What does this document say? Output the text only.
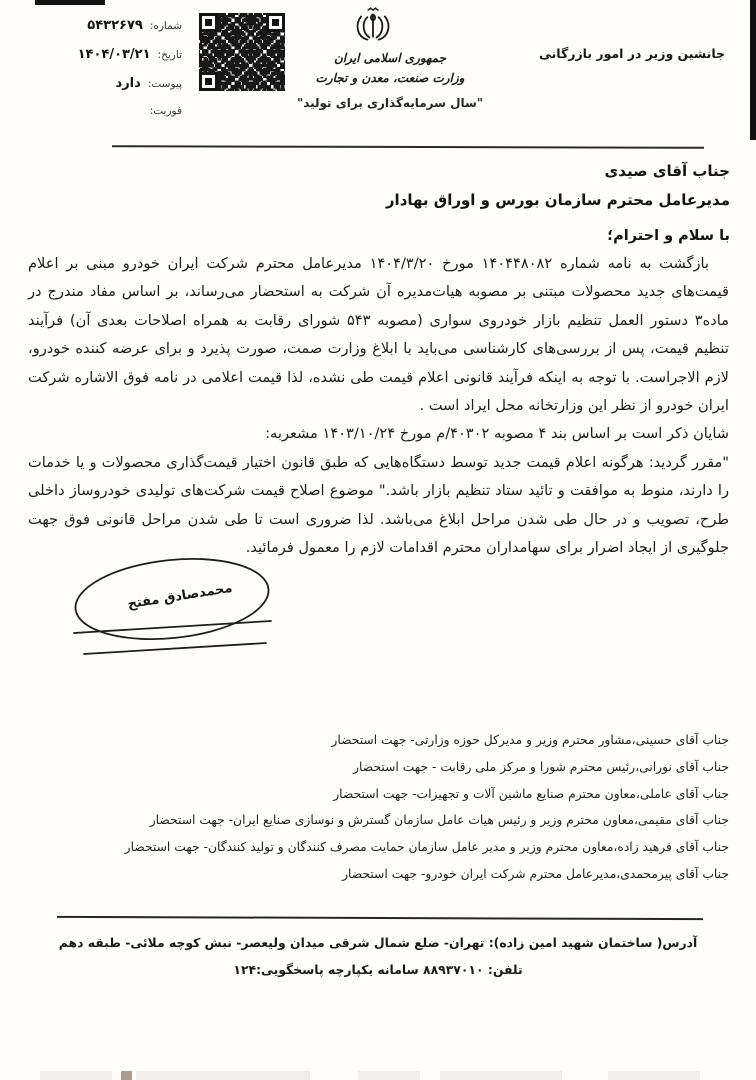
شماره:
۵۴۳۲۶۷۹
تاریخ:
۱۴۰۴/۰۳/۲۱
پیوست:
دارد
فوریت:
جمهوری اسلامی ایران
وزارت صنعت، معدن و تجارت
"سال سرمایه‌گذاری برای تولید"
جانشین وزیر در امور بازرگانی
جناب آقای صیدی
مدیرعامل محترم سازمان بورس و اوراق بهادار
با سلام و احترام؛

بازگشت به نامه شماره ۱۴۰۴۴۸۰۸۲ مورخ ۱۴۰۴/۳/۲۰ مدیرعامل محترم شرکت ایران خودرو مبنی بر اعلام قیمت‌های جدید محصولات مبتنی بر مصوبه هیات‌مدیره آن شرکت به استحضار می‌رساند، بر اساس مفاد مندرج در ماده۳ دستور العمل تنظیم بازار خودروی سواری (مصوبه ۵۴۳ شورای رقابت به همراه اصلاحات بعدی آن) فرآیند تنظیم قیمت، پس از بررسی‌های کارشناسی می‌باید با ابلاغ وزارت صمت، صورت پذیرد و برای عرضه کننده خودرو، لازم الاجراست. با توجه به اینکه فرآیند قانونی اعلام قیمت طی نشده، لذا قیمت اعلامی در نامه فوق الاشاره شرکت ایران خودرو از نظر این وزارتخانه محل ایراد است .

شایان ذکر است بر اساس بند ۴ مصوبه ۴۰۳۰۲/م مورخ ۱۴۰۳/۱۰/۲۴ مشعربه:

"مقرر گردید: هرگونه اعلام قیمت جدید توسط دستگاه‌هایی که طبق قانون اختیار قیمت‌گذاری محصولات و یا خدمات را دارند، منوط به موافقت و تائید ستاد تنظیم بازار باشد." موضوع اصلاح قیمت شرکت‌های تولیدی خودروساز داخلی طرح، تصویب و در حال طی شدن مراحل ابلاغ می‌باشد. لذا ضروری است تا طی شدن مراحل قانونی فوق جهت جلوگیری از ایجاد اضرار برای سهامداران محترم اقدامات لازم را معمول فرمائید.

محمدصادق مفتح
جناب آقای حسینی،مشاور محترم وزیر و مدیرکل حوزه وزارتی- جهت استحضار
جناب آقای نورانی،رئیس محترم شورا و مرکز ملی رقابت - جهت استحضار
جناب آقای عاملی،معاون محترم صنایع ماشین آلات و تجهیزات- جهت استحضار
جناب آقای مقیمی،معاون محترم وزیر و رئیس هیات عامل سازمان گسترش و نوسازی صنایع ایران- جهت استحضار
جناب آقای فرهید زاده،معاون محترم وزیر و مدیر عامل سازمان حمایت مصرف کنندگان و تولید کنندگان- جهت استحضار
جناب آقای پیرمحمدی،مدیرعامل محترم شرکت ایران خودرو- جهت استحضار
آدرس( ساختمان شهید امین زاده): تهران- ضلع شمال شرقی میدان ولیعصر- نبش کوچه ملائی- طبقه دهم
تلفن: ۸۸۹۳۷۰۱۰ سامانه یکپارچه پاسخگویی:۱۲۴
